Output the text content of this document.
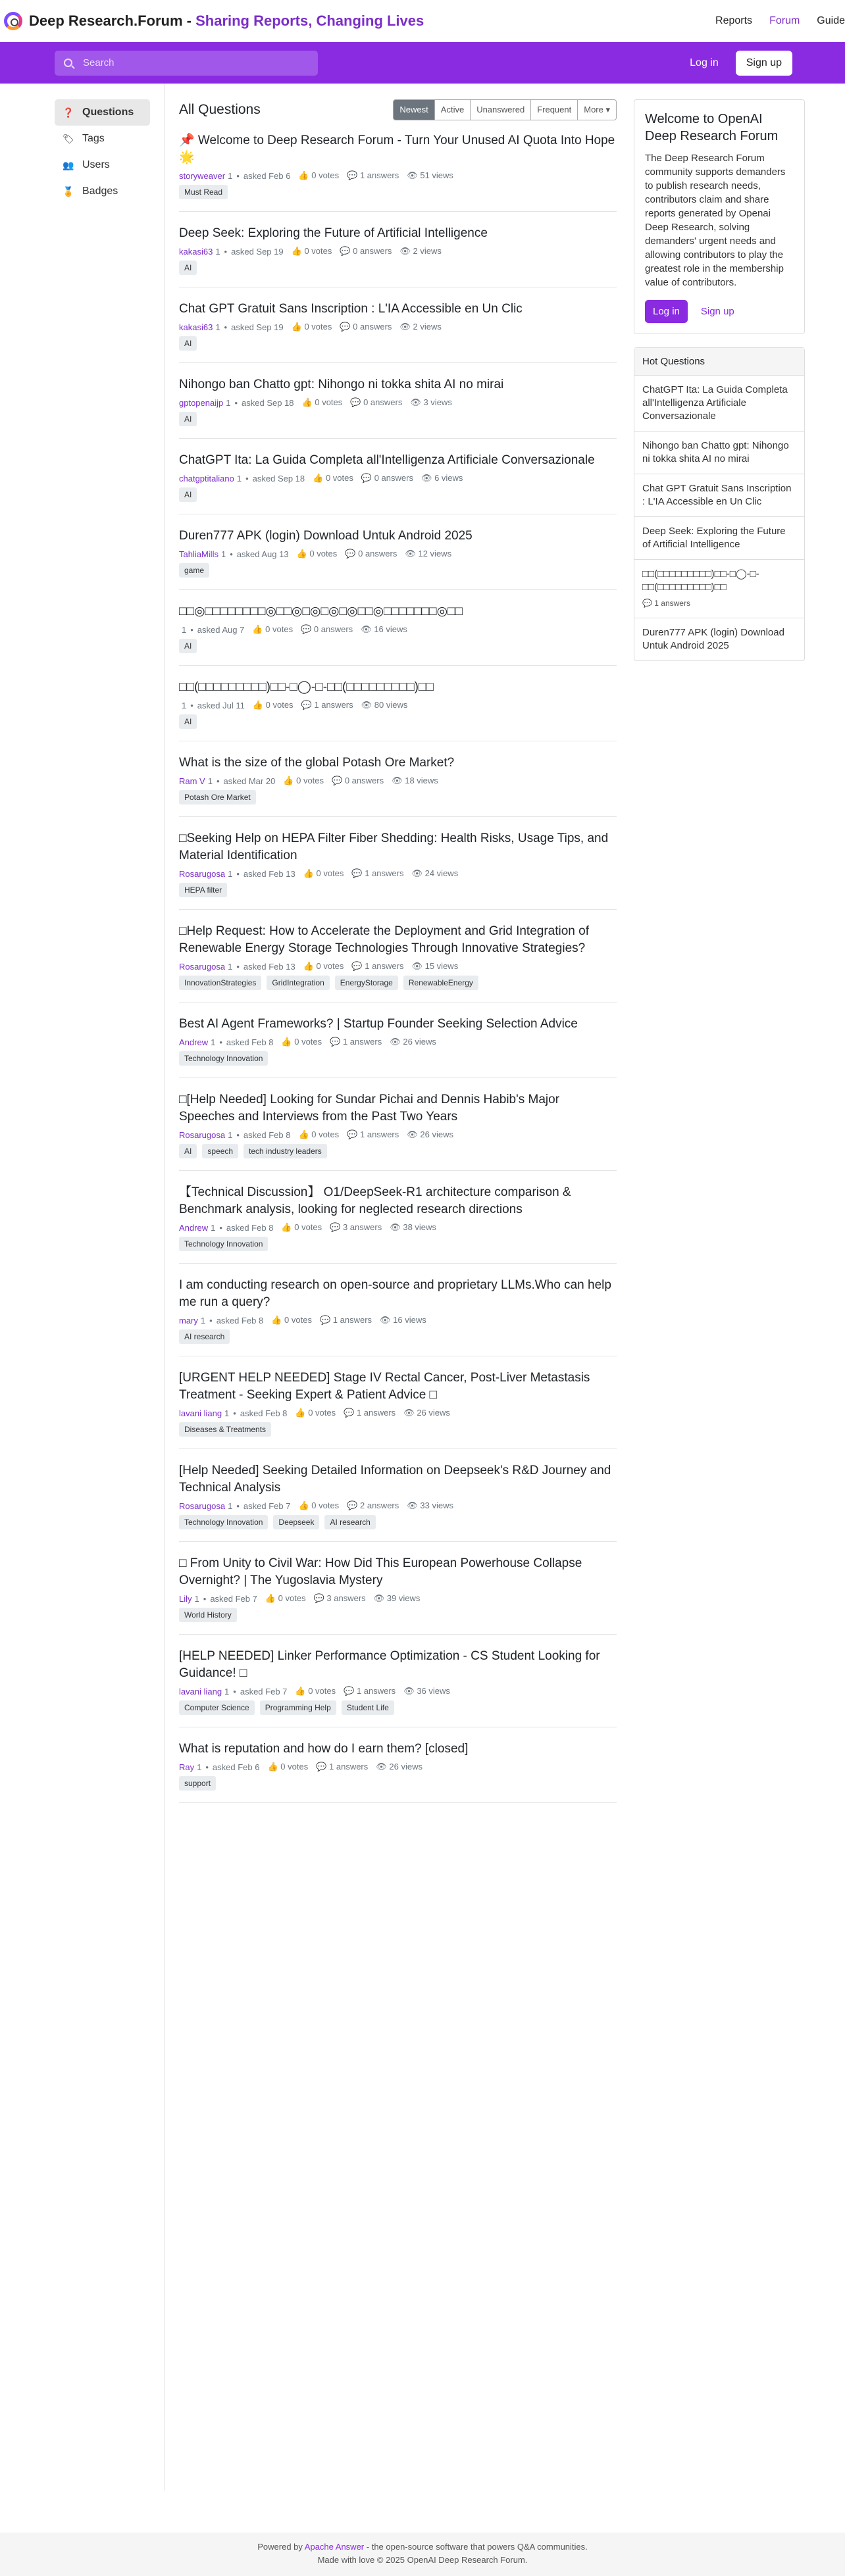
Deep Research.Forum - Sharing Reports, Changing Lives	Reports Forum Guide
Search	Log in	Sign up
❓ Questions
🏷 Tags
👥 Users
🏅 Badges
All Questions	Newest	Active	Unanswered	Frequent	More ▾
📌 Welcome to Deep Research Forum - Turn Your Unused AI Quota Into Hope🌟
storyweaver 1 • asked Feb 6 👍 0 votes 💬 1 answers 👁 51 views
Must Read
Deep Seek: Exploring the Future of Artificial Intelligence
kakasi63 1 • asked Sep 19 👍 0 votes 💬 0 answers 👁 2 views
AI
Chat GPT Gratuit Sans Inscription : L'IA Accessible en Un Clic
kakasi63 1 • asked Sep 19 👍 0 votes 💬 0 answers 👁 2 views
AI
Nihongo ban Chatto gpt: Nihongo ni tokka shita AI no mirai
gptopenaijp 1 • asked Sep 18 👍 0 votes 💬 0 answers 👁 3 views
AI
ChatGPT Ita: La Guida Completa all'Intelligenza Artificiale Conversazionale
chatgptitaliano 1 • asked Sep 18 👍 0 votes 💬 0 answers 👁 6 views
AI
Duren777 APK (login) Download Untuk Android 2025
TahliaMills 1 • asked Aug 13 👍 0 votes 💬 0 answers 👁 12 views
game
□□◎□□□□□□□□◎□□◎□◎□◎□◎□□◎□□□□□□□◎□□
1 • asked Aug 7 👍 0 votes 💬 0 answers 👁 16 views
AI
□□(□□□□□□□□□)□□-□◯-□-□□(□□□□□□□□□)□□
1 • asked Jul 11 👍 0 votes 💬 1 answers 👁 80 views
AI
What is the size of the global Potash Ore Market?
Ram V 1 • asked Mar 20 👍 0 votes 💬 0 answers 👁 18 views
Potash Ore Market
□Seeking Help on HEPA Filter Fiber Shedding: Health Risks, Usage Tips, and Material Identification
Rosarugosa 1 • asked Feb 13 👍 0 votes 💬 1 answers 👁 24 views
HEPA filter
□Help Request: How to Accelerate the Deployment and Grid Integration of Renewable Energy Storage Technologies Through Innovative Strategies?
Rosarugosa 1 • asked Feb 13 👍 0 votes 💬 1 answers 👁 15 views
InnovationStrategies	GridIntegration	EnergyStorage	RenewableEnergy
Best AI Agent Frameworks? | Startup Founder Seeking Selection Advice
Andrew 1 • asked Feb 8 👍 0 votes 💬 1 answers 👁 26 views
Technology Innovation
□[Help Needed] Looking for Sundar Pichai and Dennis Habib's Major Speeches and Interviews from the Past Two Years
Rosarugosa 1 • asked Feb 8 👍 0 votes 💬 1 answers 👁 26 views
AI	speech	tech industry leaders
【Technical Discussion】 O1/DeepSeek-R1 architecture comparison & Benchmark analysis, looking for neglected research directions
Andrew 1 • asked Feb 8 👍 0 votes 💬 3 answers 👁 38 views
Technology Innovation
I am conducting research on open-source and proprietary LLMs.Who can help me run a query?
mary 1 • asked Feb 8 👍 0 votes 💬 1 answers 👁 16 views
AI research
[URGENT HELP NEEDED] Stage IV Rectal Cancer, Post-Liver Metastasis Treatment - Seeking Expert & Patient Advice □
lavani liang 1 • asked Feb 8 👍 0 votes 💬 1 answers 👁 26 views
Diseases & Treatments
[Help Needed] Seeking Detailed Information on Deepseek's R&D Journey and Technical Analysis
Rosarugosa 1 • asked Feb 7 👍 0 votes 💬 2 answers 👁 33 views
Technology Innovation	Deepseek	AI research
□ From Unity to Civil War: How Did This European Powerhouse Collapse Overnight? | The Yugoslavia Mystery
Lily 1 • asked Feb 7 👍 0 votes 💬 3 answers 👁 39 views
World History
[HELP NEEDED] Linker Performance Optimization - CS Student Looking for Guidance! □
lavani liang 1 • asked Feb 7 👍 0 votes 💬 1 answers 👁 36 views
Computer Science	Programming Help	Student Life
What is reputation and how do I earn them? [closed]
Ray 1 • asked Feb 6 👍 0 votes 💬 1 answers 👁 26 views
support
Welcome to OpenAI Deep Research Forum

The Deep Research Forum community supports demanders to publish research needs, contributors claim and share reports generated by Openai Deep Research, solving demanders' urgent needs and allowing contributors to play the greatest role in the membership value of contributors.

Log in	Sign up
Hot Questions
ChatGPT Ita: La Guida Completa all'Intelligenza Artificiale Conversazionale
Nihongo ban Chatto gpt: Nihongo ni tokka shita AI no mirai
Chat GPT Gratuit Sans Inscription : L'IA Accessible en Un Clic
Deep Seek: Exploring the Future of Artificial Intelligence
□□(□□□□□□□□□)□□-□◯-□-□□(□□□□□□□□□)□□
💬 1 answers
Duren777 APK (login) Download Untuk Android 2025
Powered by Apache Answer - the open-source software that powers Q&A communities.
Made with love © 2025 OpenAI Deep Research Forum.
